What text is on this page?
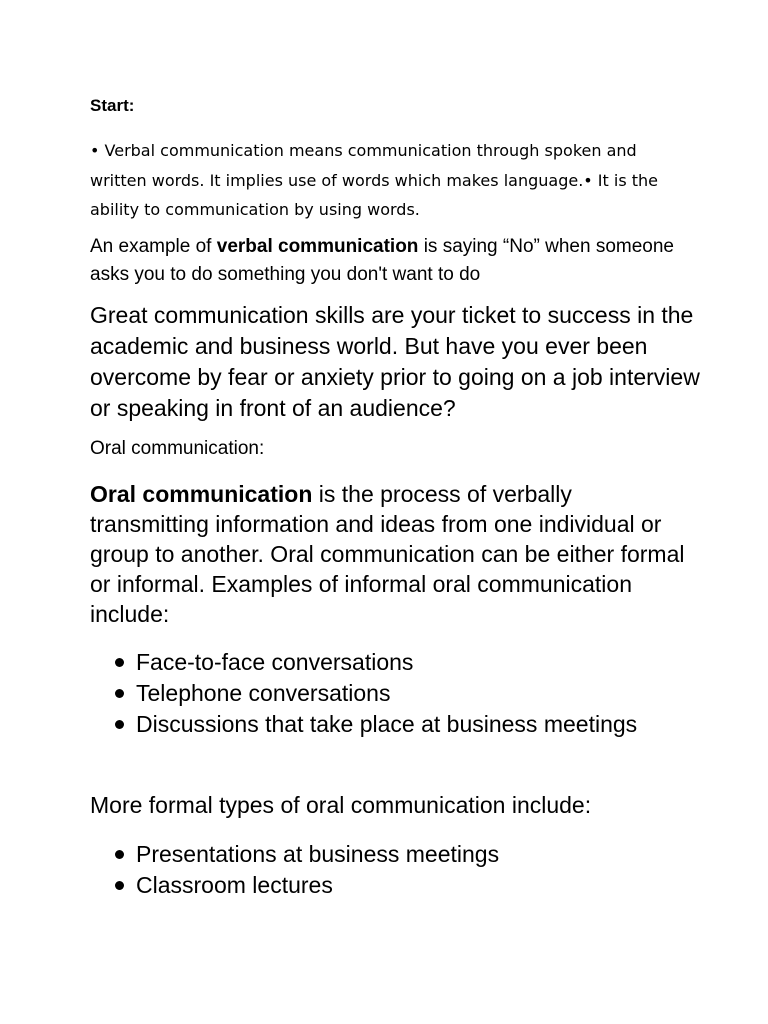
Start:

• Verbal communication means communication through spoken and written words. It implies use of words which makes language.• It is the ability to communication by using words.

An example of verbal communication is saying “No” when someone asks you to do something you don't want to do

Great communication skills are your ticket to success in the academic and business world. But have you ever been overcome by fear or anxiety prior to going on a job interview or speaking in front of an audience?

Oral communication:

Oral communication is the process of verbally transmitting information and ideas from one individual or group to another. Oral communication can be either formal or informal. Examples of informal oral communication include:

Face-to-face conversations
Telephone conversations
Discussions that take place at business meetings

More formal types of oral communication include:

Presentations at business meetings
Classroom lectures
